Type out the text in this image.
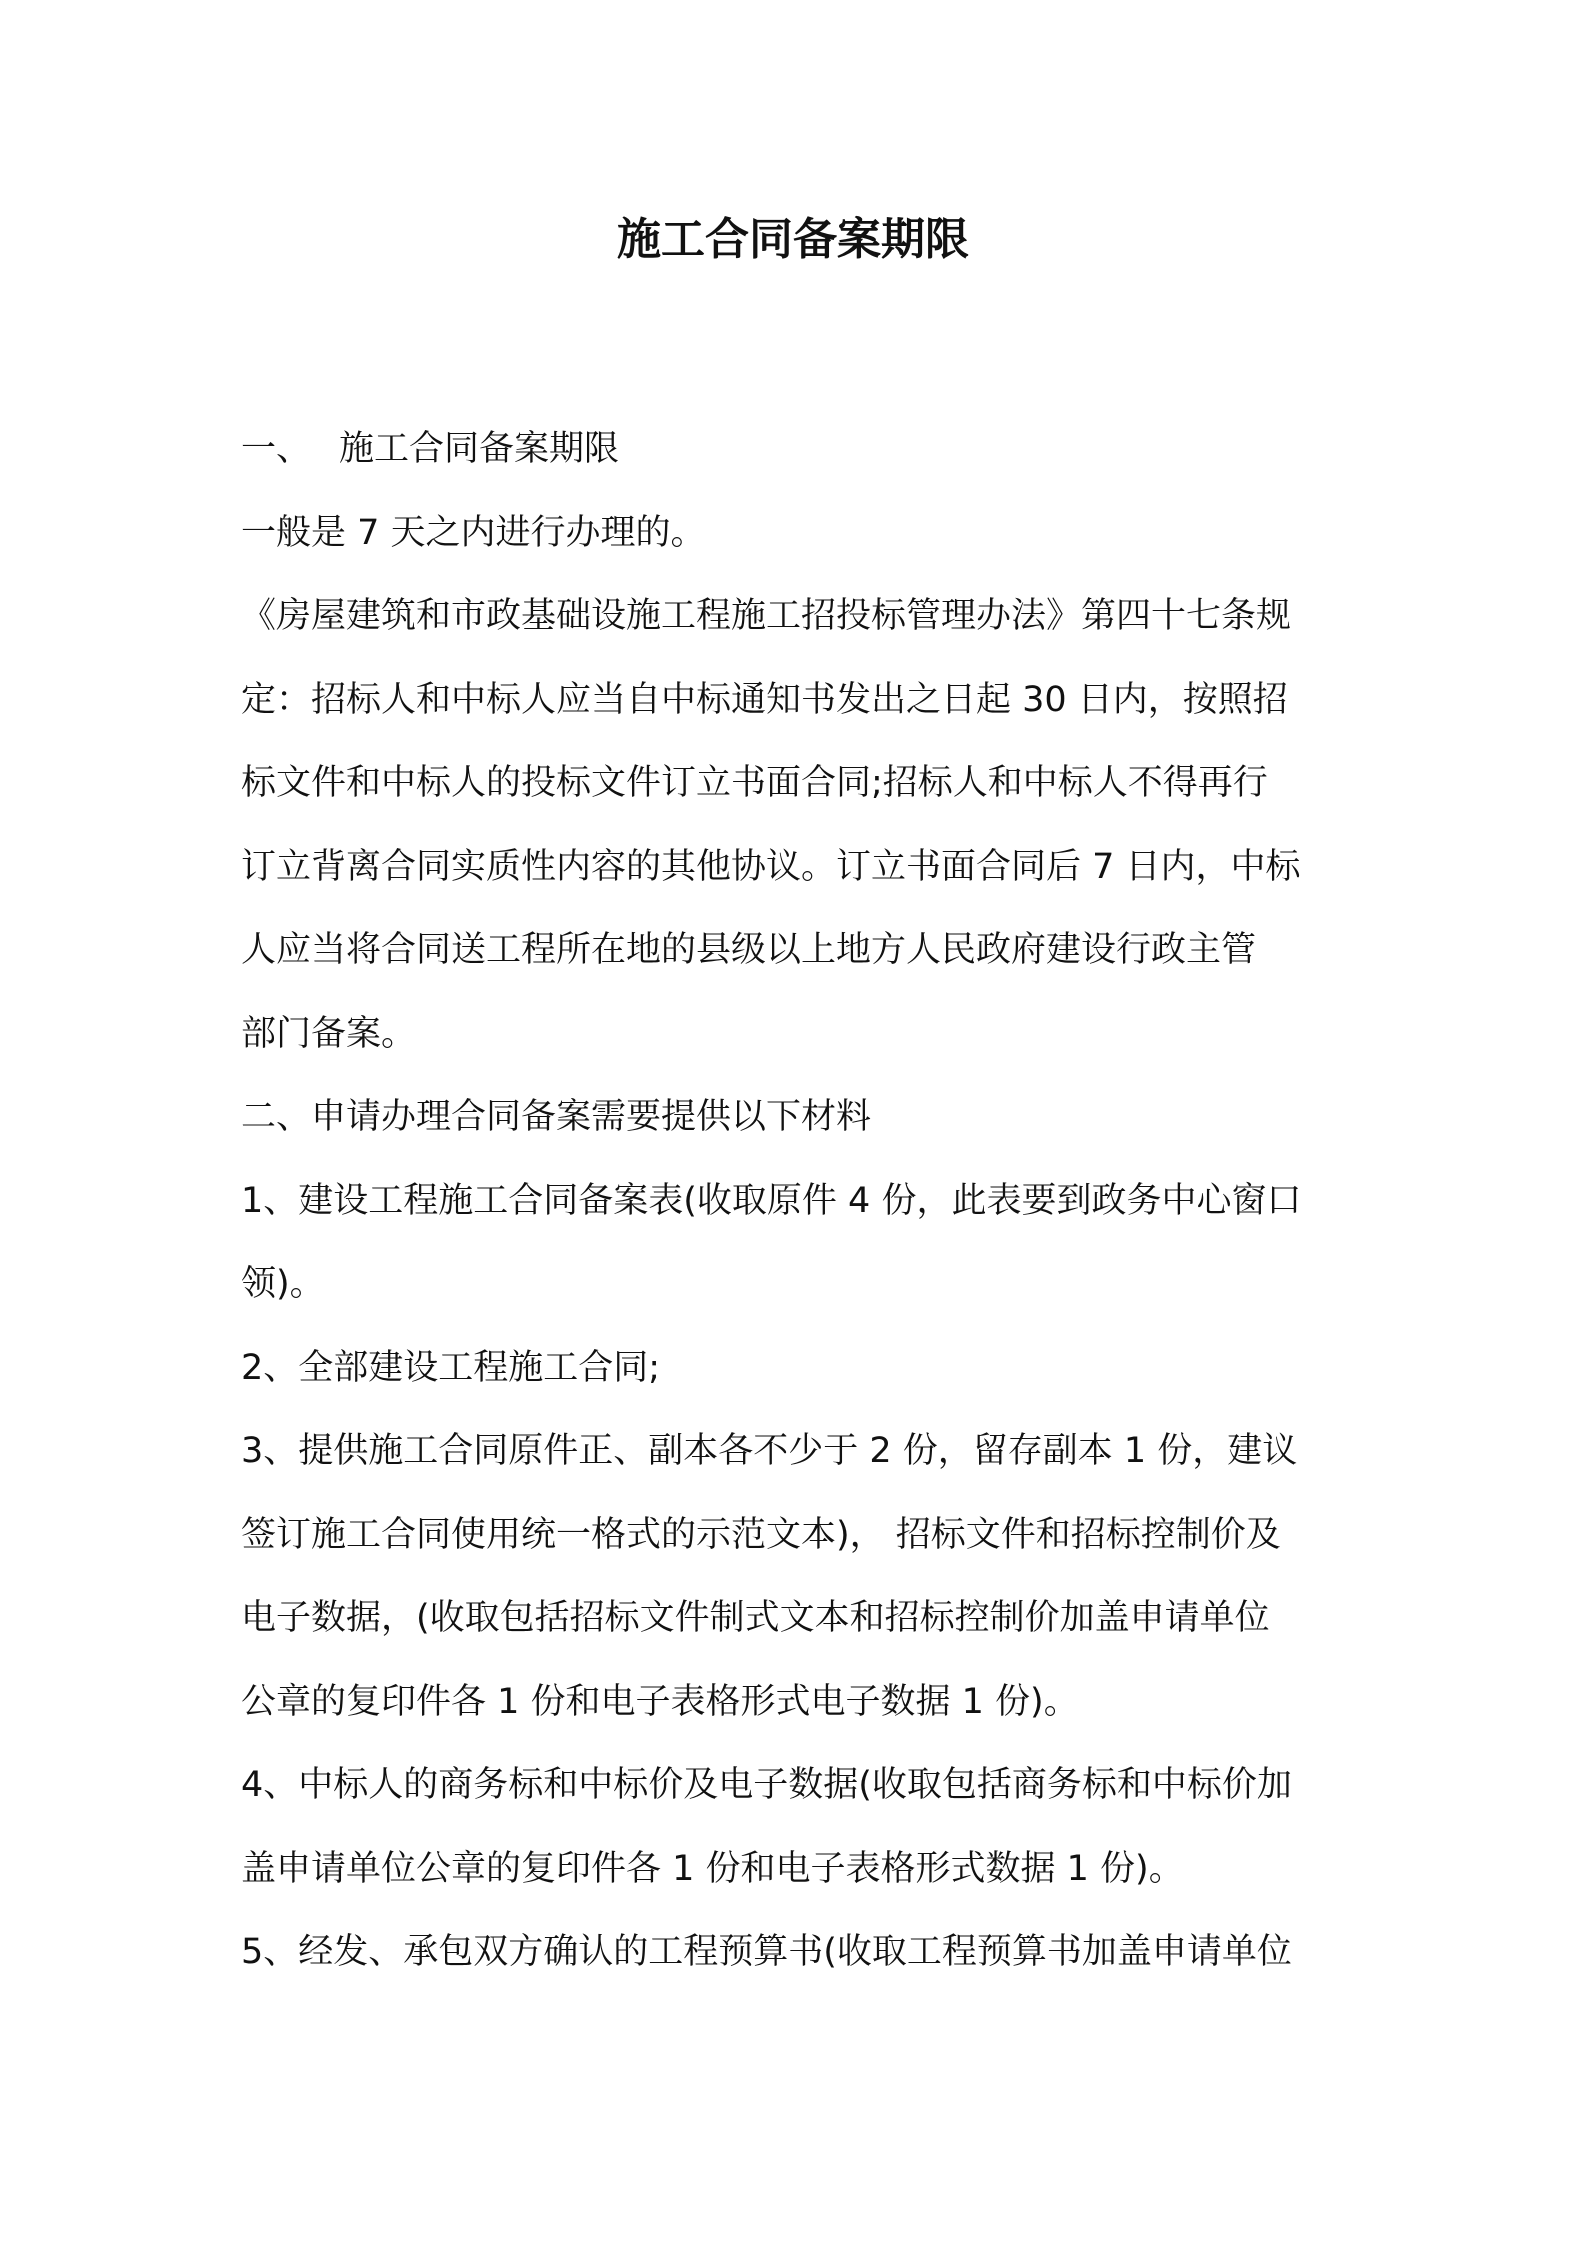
施工合同备案期限
一、 施工合同备案期限
一般是 7 天之内进行办理的。
《房屋建筑和市政基础设施工程施工招投标管理办法》第四十七条规
定：招标人和中标人应当自中标通知书发出之日起 30 日内，按照招
标文件和中标人的投标文件订立书面合同;招标人和中标人不得再行
订立背离合同实质性内容的其他协议。订立书面合同后 7 日内，中标
人应当将合同送工程所在地的县级以上地方人民政府建设行政主管
部门备案。
二、申请办理合同备案需要提供以下材料
1、建设工程施工合同备案表(收取原件 4 份，此表要到政务中心窗口
领)。
2、全部建设工程施工合同;
3、提供施工合同原件正、副本各不少于 2 份，留存副本 1 份，建议
签订施工合同使用统一格式的示范文本)， 招标文件和招标控制价及
电子数据，(收取包括招标文件制式文本和招标控制价加盖申请单位
公章的复印件各 1 份和电子表格形式电子数据 1 份)。
4、中标人的商务标和中标价及电子数据(收取包括商务标和中标价加
盖申请单位公章的复印件各 1 份和电子表格形式数据 1 份)。
5、经发、承包双方确认的工程预算书(收取工程预算书加盖申请单位
